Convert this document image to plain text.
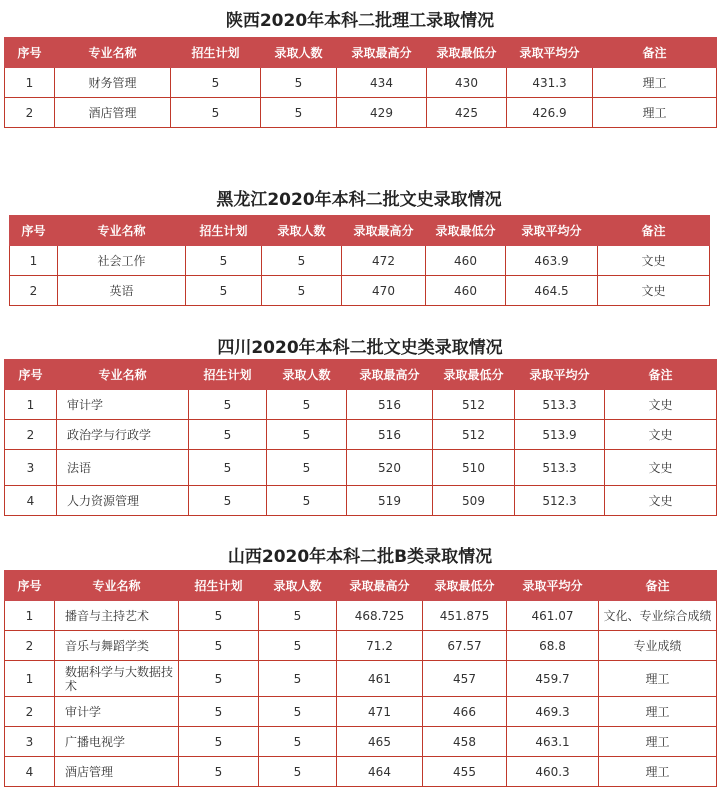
陕西2020年本科二批理工录取情况
序号	专业名称	招生计划	录取人数	录取最高分	录取最低分	录取平均分	备注
1	财务管理	5	5	434	430	431.3	理工
2	酒店管理	5	5	429	425	426.9	理工
黑龙江2020年本科二批文史录取情况
序号	专业名称	招生计划	录取人数	录取最高分	录取最低分	录取平均分	备注
1	社会工作	5	5	472	460	463.9	文史
2	英语	5	5	470	460	464.5	文史
四川2020年本科二批文史类录取情况
序号	专业名称	招生计划	录取人数	录取最高分	录取最低分	录取平均分	备注
1	审计学	5	5	516	512	513.3	文史
2	政治学与行政学	5	5	516	512	513.9	文史
3	法语	5	5	520	510	513.3	文史
4	人力资源管理	5	5	519	509	512.3	文史
山西2020年本科二批B类录取情况
序号	专业名称	招生计划	录取人数	录取最高分	录取最低分	录取平均分	备注
1	播音与主持艺术	5	5	468.725	451.875	461.07	文化、专业综合成绩
2	音乐与舞蹈学类	5	5	71.2	67.57	68.8	专业成绩
1	数据科学与大数据技术	5	5	461	457	459.7	理工
2	审计学	5	5	471	466	469.3	理工
3	广播电视学	5	5	465	458	463.1	理工
4	酒店管理	5	5	464	455	460.3	理工
